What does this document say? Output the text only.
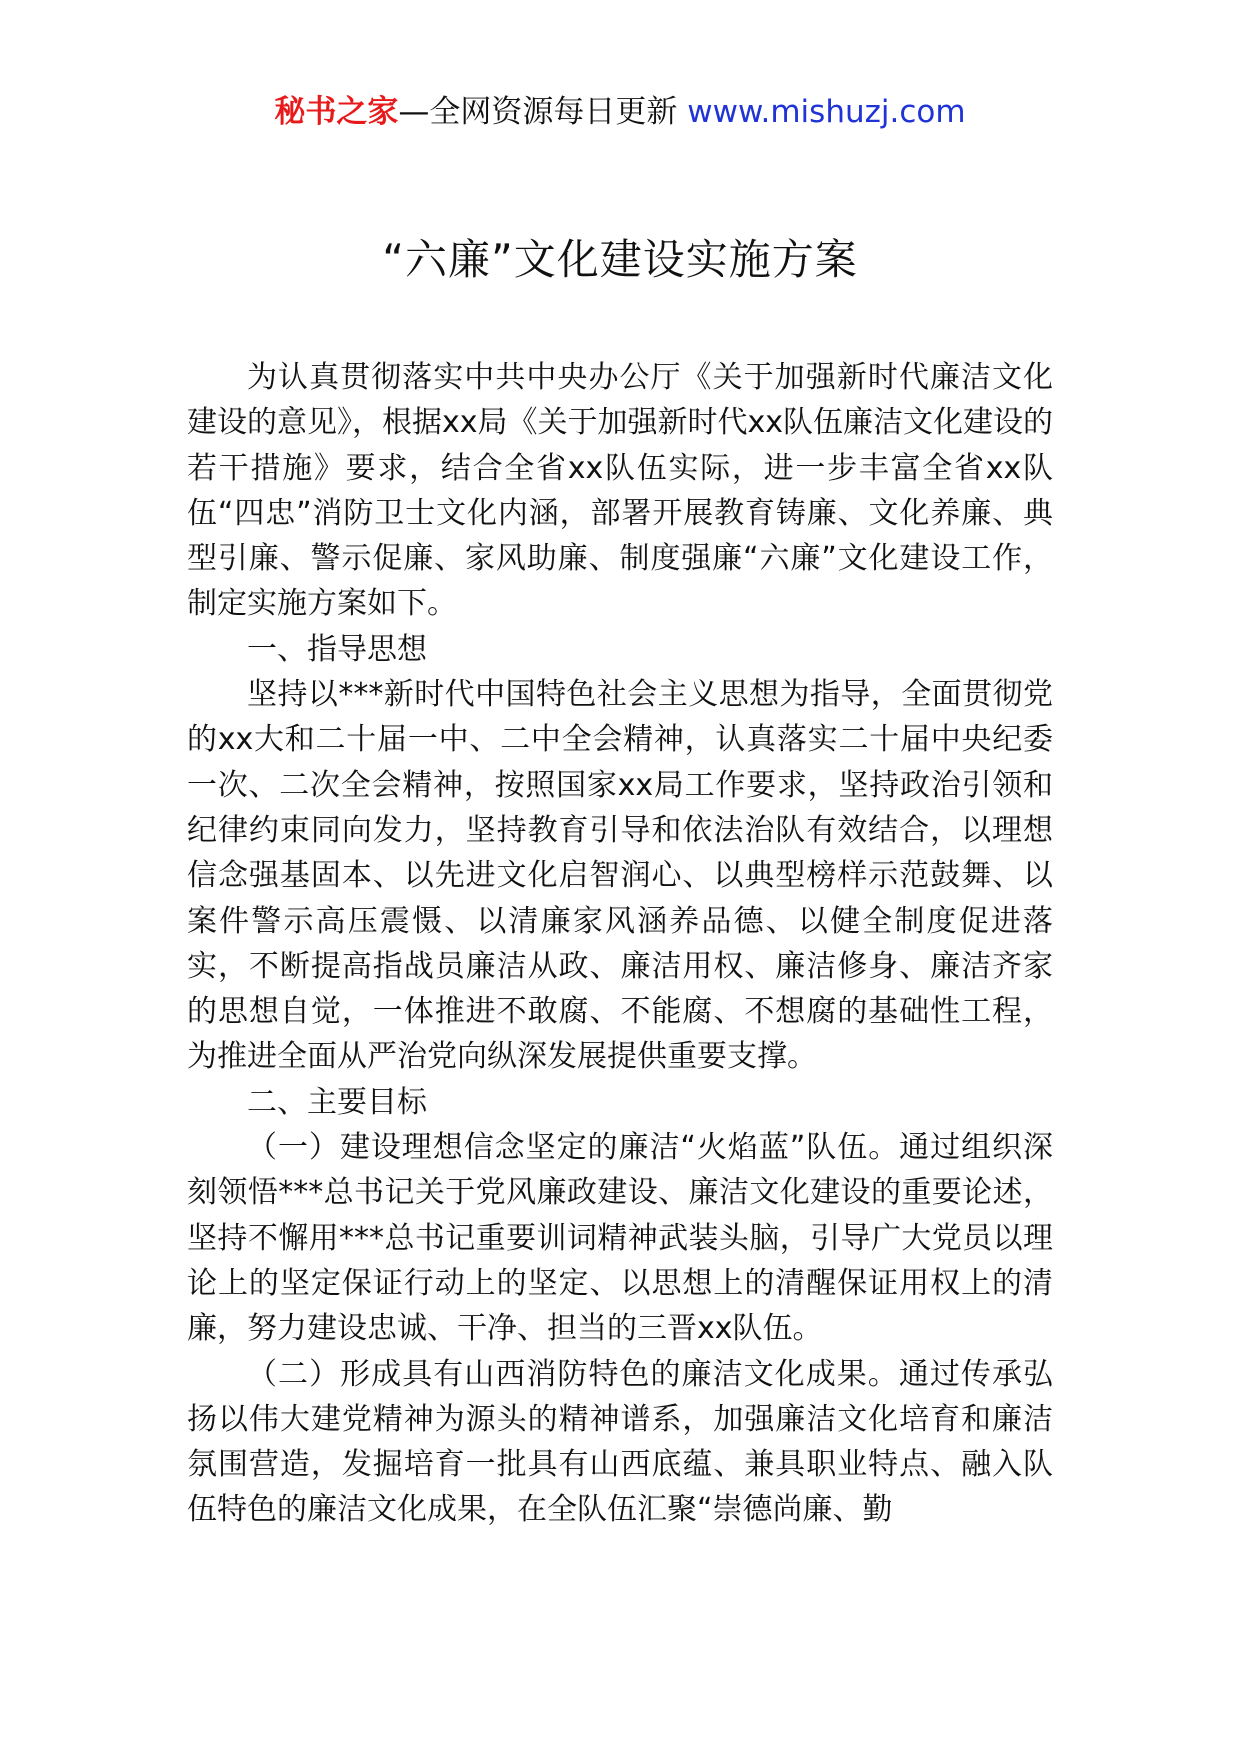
秘书之家—全网资源每日更新 www.mishuzj.com
“六廉”文化建设实施方案

为认真贯彻落实中共中央办公厅《关于加强新时代廉洁文化建设的意见》，根据xx局《关于加强新时代xx队伍廉洁文化建设的若干措施》要求，结合全省xx队伍实际，进一步丰富全省xx队伍“四忠”消防卫士文化内涵，部署开展教育铸廉、文化养廉、典型引廉、警示促廉、家风助廉、制度强廉“六廉”文化建设工作，制定实施方案如下。

一、指导思想

坚持以***新时代中国特色社会主义思想为指导，全面贯彻党的xx大和二十届一中、二中全会精神，认真落实二十届中央纪委一次、二次全会精神，按照国家xx局工作要求，坚持政治引领和纪律约束同向发力，坚持教育引导和依法治队有效结合，以理想信念强基固本、以先进文化启智润心、以典型榜样示范鼓舞、以案件警示高压震慑、以清廉家风涵养品德、以健全制度促进落实，不断提高指战员廉洁从政、廉洁用权、廉洁修身、廉洁齐家的思想自觉，一体推进不敢腐、不能腐、不想腐的基础性工程，为推进全面从严治党向纵深发展提供重要支撑。

二、主要目标

（一）建设理想信念坚定的廉洁“火焰蓝”队伍。通过组织深刻领悟***总书记关于党风廉政建设、廉洁文化建设的重要论述，坚持不懈用***总书记重要训词精神武装头脑，引导广大党员以理论上的坚定保证行动上的坚定、以思想上的清醒保证用权上的清廉，努力建设忠诚、干净、担当的三晋xx队伍。

（二）形成具有山西消防特色的廉洁文化成果。通过传承弘扬以伟大建党精神为源头的精神谱系，加强廉洁文化培育和廉洁氛围营造，发掘培育一批具有山西底蕴、兼具职业特点、融入队伍特色的廉洁文化成果，在全队伍汇聚“崇德尚廉、勤
